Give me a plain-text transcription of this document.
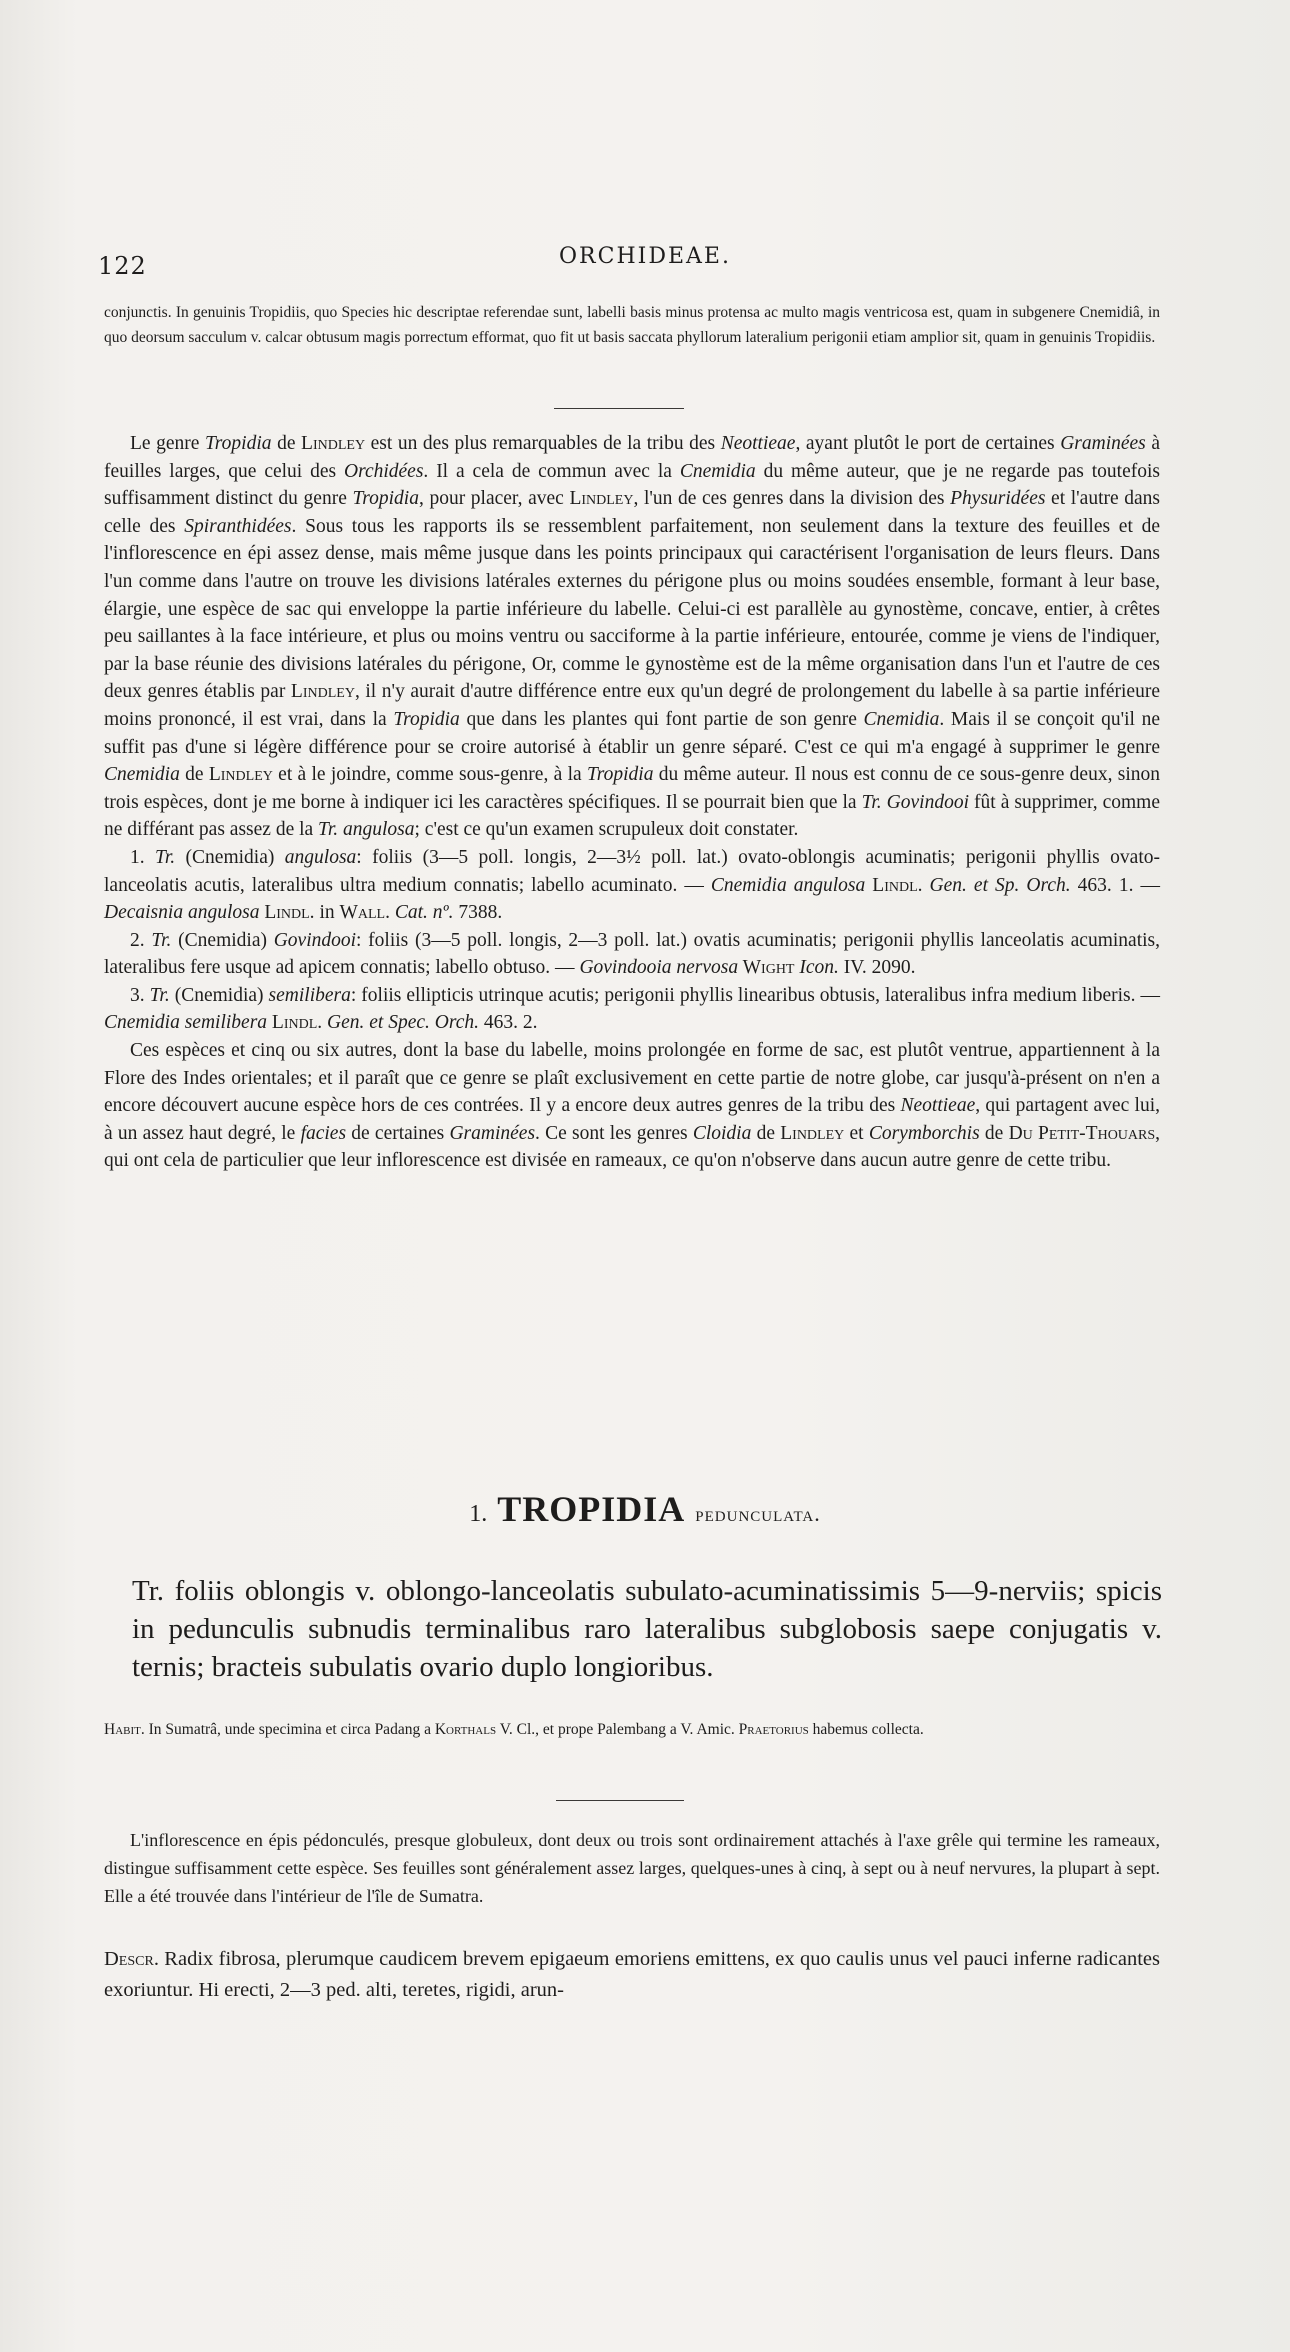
122	ORCHIDEAE.

conjunctis. In genuinis Tropidiis, quo Species hic descriptae referendae sunt, labelli basis minus protensa ac multo magis ventricosa est, quam in subgenere Cnemidiâ, in quo deorsum sacculum v. calcar obtusum magis porrectum efformat, quo fit ut basis saccata phyllorum lateralium perigonii etiam amplior sit, quam in genuinis Tropidiis.

Le genre Tropidia de Lindley est un des plus remarquables de la tribu des Neottieae, ayant plutôt le port de certaines Graminées à feuilles larges, que celui des Orchidées. Il a cela de commun avec la Cnemidia du même auteur, que je ne regarde pas toutefois suffisamment distinct du genre Tropidia, pour placer, avec Lindley, l'un de ces genres dans la division des Physuridées et l'autre dans celle des Spiranthidées. Sous tous les rapports ils se ressemblent parfaitement, non seulement dans la texture des feuilles et de l'inflorescence en épi assez dense, mais même jusque dans les points principaux qui caractérisent l'organisation de leurs fleurs. Dans l'un comme dans l'autre on trouve les divisions latérales externes du périgone plus ou moins soudées ensemble, formant à leur base, élargie, une espèce de sac qui enveloppe la partie inférieure du labelle. Celui-ci est parallèle au gynostème, concave, entier, à crêtes peu saillantes à la face intérieure, et plus ou moins ventru ou sacciforme à la partie inférieure, entourée, comme je viens de l'indiquer, par la base réunie des divisions latérales du périgone, Or, comme le gynostème est de la même organisation dans l'un et l'autre de ces deux genres établis par Lindley, il n'y aurait d'autre différence entre eux qu'un degré de prolongement du labelle à sa partie inférieure moins prononcé, il est vrai, dans la Tropidia que dans les plantes qui font partie de son genre Cnemidia. Mais il se conçoit qu'il ne suffit pas d'une si légère différence pour se croire autorisé à établir un genre séparé. C'est ce qui m'a engagé à supprimer le genre Cnemidia de Lindley et à le joindre, comme sous-genre, à la Tropidia du même auteur. Il nous est connu de ce sous-genre deux, sinon trois espèces, dont je me borne à indiquer ici les caractères spécifiques. Il se pourrait bien que la Tr. Govindooi fût à supprimer, comme ne différant pas assez de la Tr. angulosa; c'est ce qu'un examen scrupuleux doit constater.

1. Tr. (Cnemidia) angulosa: foliis (3—5 poll. longis, 2—3½ poll. lat.) ovato-oblongis acuminatis; perigonii phyllis ovato-lanceolatis acutis, lateralibus ultra medium connatis; labello acuminato. — Cnemidia angulosa Lindl. Gen. et Sp. Orch. 463. 1. — Decaisnia angulosa Lindl. in Wall. Cat. nº. 7388.

2. Tr. (Cnemidia) Govindooi: foliis (3—5 poll. longis, 2—3 poll. lat.) ovatis acuminatis; perigonii phyllis lanceolatis acuminatis, lateralibus fere usque ad apicem connatis; labello obtuso. — Govindooia nervosa Wight Icon. IV. 2090.

3. Tr. (Cnemidia) semilibera: foliis ellipticis utrinque acutis; perigonii phyllis linearibus obtusis, lateralibus infra medium liberis. — Cnemidia semilibera Lindl. Gen. et Spec. Orch. 463. 2.

Ces espèces et cinq ou six autres, dont la base du labelle, moins prolongée en forme de sac, est plutôt ventrue, appartiennent à la Flore des Indes orientales; et il paraît que ce genre se plaît exclusivement en cette partie de notre globe, car jusqu'à-présent on n'en a encore découvert aucune espèce hors de ces contrées. Il y a encore deux autres genres de la tribu des Neottieae, qui partagent avec lui, à un assez haut degré, le facies de certaines Graminées. Ce sont les genres Cloidia de Lindley et Corymborchis de Du Petit-Thouars, qui ont cela de particulier que leur inflorescence est divisée en rameaux, ce qu'on n'observe dans aucun autre genre de cette tribu.

1. TROPIDIA pedunculata.
Tr. foliis oblongis v. oblongo-lanceolatis subulato-acuminatissimis 5—9-nerviis; spicis in pedunculis subnudis terminalibus raro lateralibus subglobosis saepe conjugatis v. ternis; bracteis subulatis ovario duplo longioribus.
Habit. In Sumatrâ, unde specimina et circa Padang a Korthals V. Cl., et prope Palembang a V. Amic. Praetorius habemus collecta.

L'inflorescence en épis pédonculés, presque globuleux, dont deux ou trois sont ordinairement attachés à l'axe grêle qui termine les rameaux, distingue suffisamment cette espèce. Ses feuilles sont généralement assez larges, quelques-unes à cinq, à sept ou à neuf nervures, la plupart à sept. Elle a été trouvée dans l'intérieur de l'île de Sumatra.

Descr. Radix fibrosa, plerumque caudicem brevem epigaeum emoriens emittens, ex quo caulis unus vel pauci inferne radicantes exoriuntur. Hi erecti, 2—3 ped. alti, teretes, rigidi, arun-
